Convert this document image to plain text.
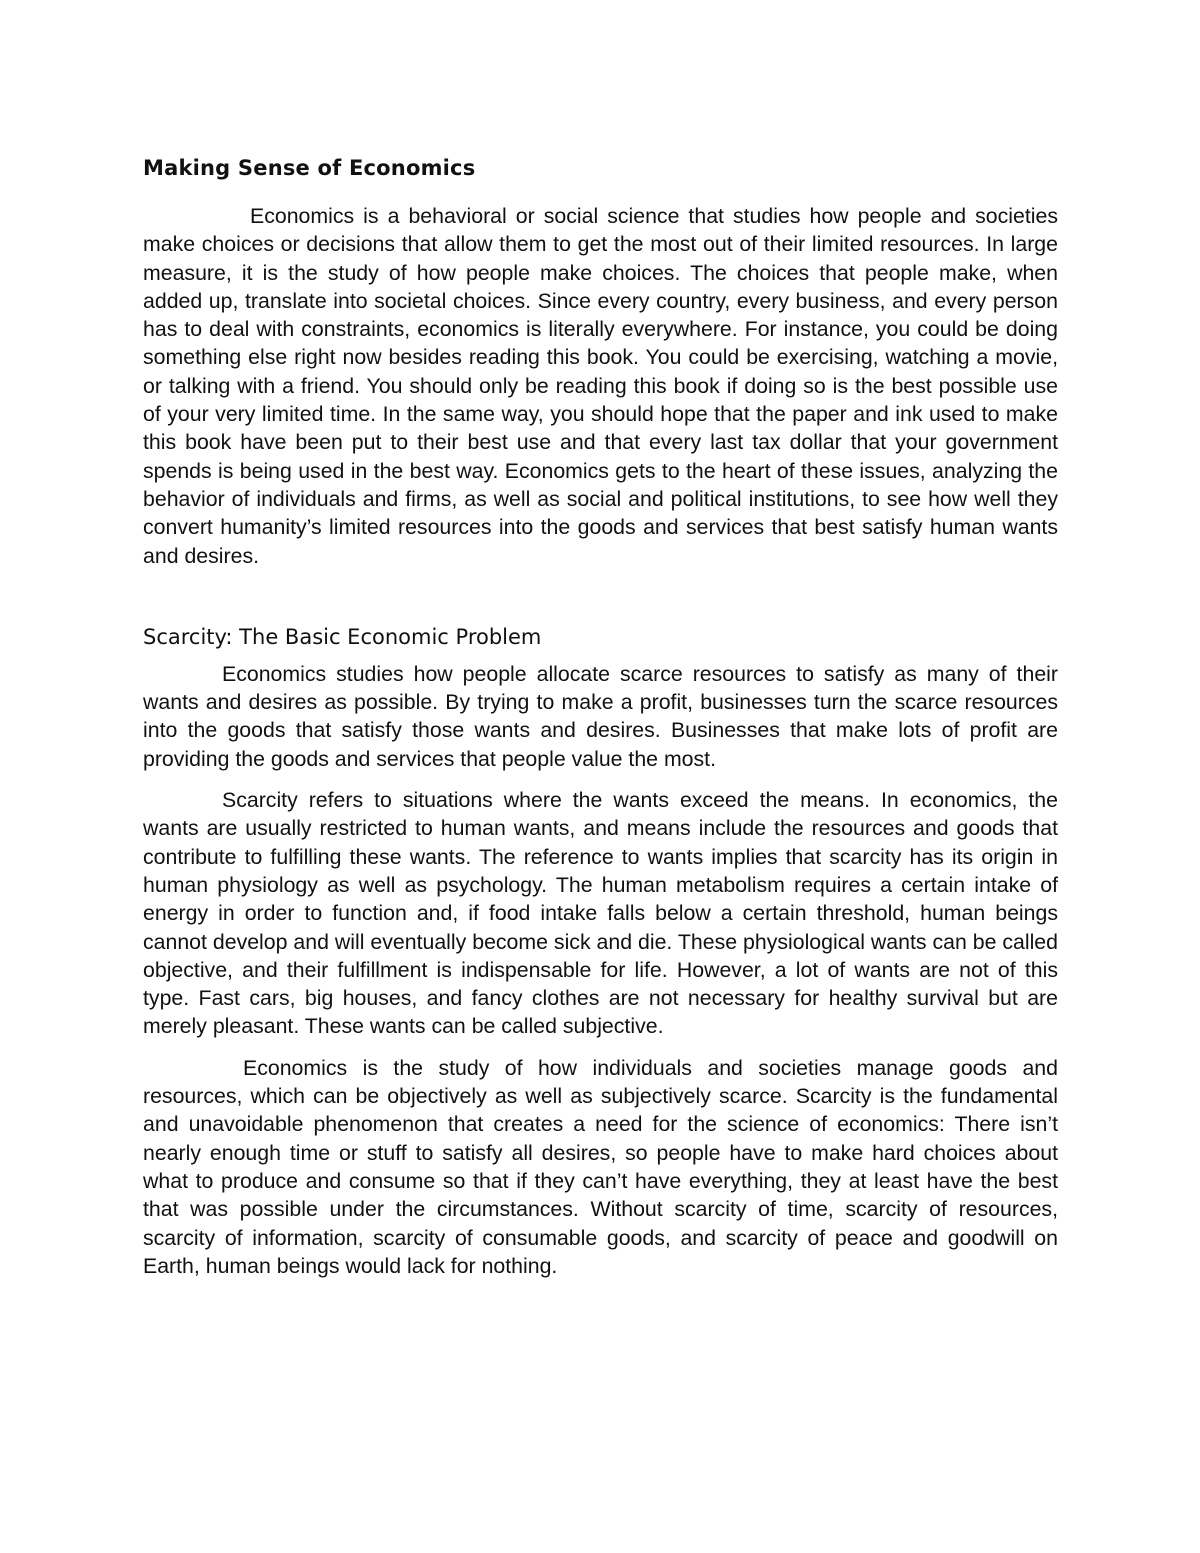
Making Sense of Economics

Economics is a behavioral or social science that studies how people and societies make choices or decisions that allow them to get the most out of their limited resources. In large measure, it is the study of how people make choices. The choices that people make, when added up, translate into societal choices. Since every country, every business, and every person has to deal with constraints, economics is literally everywhere. For instance, you could be doing something else right now besides reading this book. You could be exercising, watching a movie, or talking with a friend. You should only be reading this book if doing so is the best possible use of your very limited time. In the same way, you should hope that the paper and ink used to make this book have been put to their best use and that every last tax dollar that your government spends is being used in the best way. Economics gets to the heart of these issues, analyzing the behavior of individuals and firms, as well as social and political institutions, to see how well they convert humanity’s limited resources into the goods and services that best satisfy human wants and desires.

Scarcity: The Basic Economic Problem

Economics studies how people allocate scarce resources to satisfy as many of their wants and desires as possible. By trying to make a profit, businesses turn the scarce resources into the goods that satisfy those wants and desires. Businesses that make lots of profit are providing the goods and services that people value the most.

Scarcity refers to situations where the wants exceed the means. In economics, the wants are usually restricted to human wants, and means include the resources and goods that contribute to fulfilling these wants. The reference to wants implies that scarcity has its origin in human physiology as well as psychology. The human metabolism requires a certain intake of energy in order to function and, if food intake falls below a certain threshold, human beings cannot develop and will eventually become sick and die. These physiological wants can be called objective, and their fulfillment is indispensable for life. However, a lot of wants are not of this type. Fast cars, big houses, and fancy clothes are not necessary for healthy survival but are merely pleasant. These wants can be called subjective.

Economics is the study of how individuals and societies manage goods and resources, which can be objectively as well as subjectively scarce. Scarcity is the fundamental and unavoidable phenomenon that creates a need for the science of economics: There isn’t nearly enough time or stuff to satisfy all desires, so people have to make hard choices about what to produce and consume so that if they can’t have everything, they at least have the best that was possible under the circumstances. Without scarcity of time, scarcity of resources, scarcity of information, scarcity of consumable goods, and scarcity of peace and goodwill on Earth, human beings would lack for nothing.
